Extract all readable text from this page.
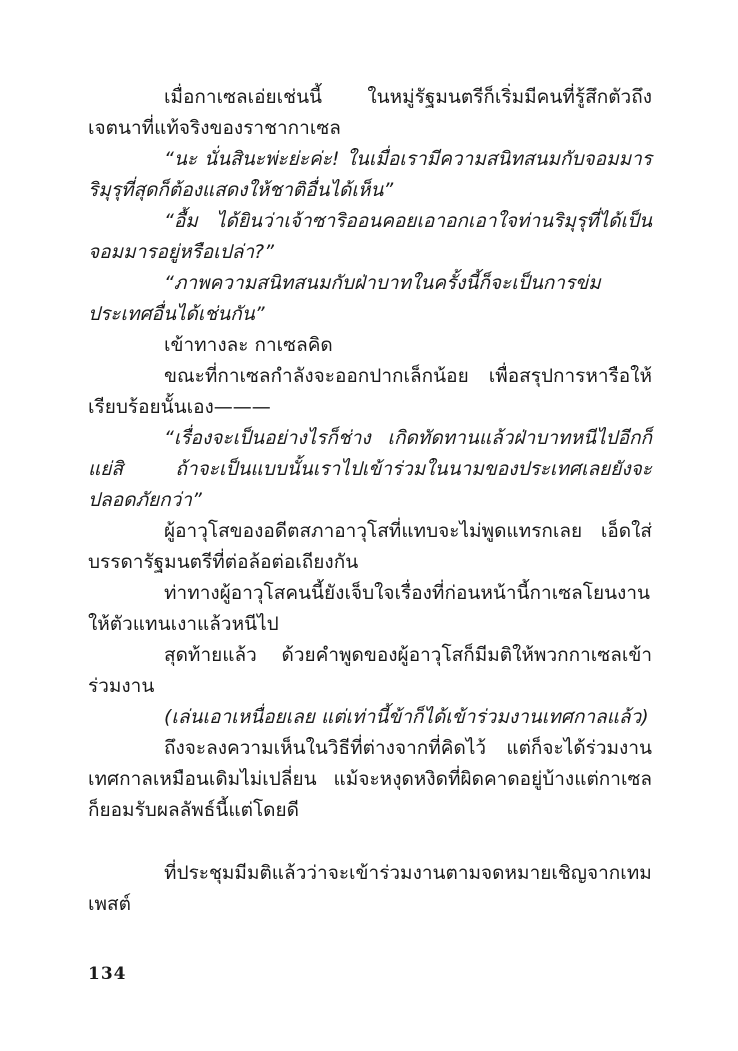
เมื่อกาเซลเอ่ยเช่นนี้ ในหมู่รัฐมนตรีก็เริ่มมีคนที่รู้สึกตัวถึงเจตนาที่แท้จริงของราชากาเซล

“นะ นั่นสินะพ่ะย่ะค่ะ! ในเมื่อเรามีความสนิทสนมกับจอมมาร ริมุรุที่สุดก็ต้องแสดงให้ชาติอื่นได้เห็น”

“อื้ม ได้ยินว่าเจ้าซาริออนคอยเอาอกเอาใจท่านริมุรุที่ได้เป็นจอมมารอยู่หรือเปล่า?”

“ภาพความสนิทสนมกับฝ่าบาทในครั้งนี้ก็จะเป็นการข่มประเทศอื่นได้เช่นกัน”

เข้าทางละ กาเซลคิด

ขณะที่กาเซลกำลังจะออกปากเล็กน้อย เพื่อสรุปการหารือให้เรียบร้อยนั้นเอง———

“เรื่องจะเป็นอย่างไรก็ช่าง เกิดทัดทานแล้วฝ่าบาทหนีไปอีกก็แย่สิ ถ้าจะเป็นแบบนั้นเราไปเข้าร่วมในนามของประเทศเลยยังจะปลอดภัยกว่า”

ผู้อาวุโสของอดีตสภาอาวุโสที่แทบจะไม่พูดแทรกเลย เอ็ดใส่บรรดารัฐมนตรีที่ต่อล้อต่อเถียงกัน

ท่าทางผู้อาวุโสคนนี้ยังเจ็บใจเรื่องที่ก่อนหน้านี้กาเซลโยนงานให้ตัวแทนเงาแล้วหนีไป

สุดท้ายแล้ว ด้วยคำพูดของผู้อาวุโสก็มีมติให้พวกกาเซลเข้าร่วมงาน

(เล่นเอาเหนื่อยเลย แต่เท่านี้ข้าก็ได้เข้าร่วมงานเทศกาลแล้ว)

ถึงจะลงความเห็นในวิธีที่ต่างจากที่คิดไว้ แต่ก็จะได้ร่วมงานเทศกาลเหมือนเดิมไม่เปลี่ยน แม้จะหงุดหงิดที่ผิดคาดอยู่บ้างแต่กาเซลก็ยอมรับผลลัพธ์นี้แต่โดยดี

ที่ประชุมมีมติแล้วว่าจะเข้าร่วมงานตามจดหมายเชิญจากเทมเพสต์

134
